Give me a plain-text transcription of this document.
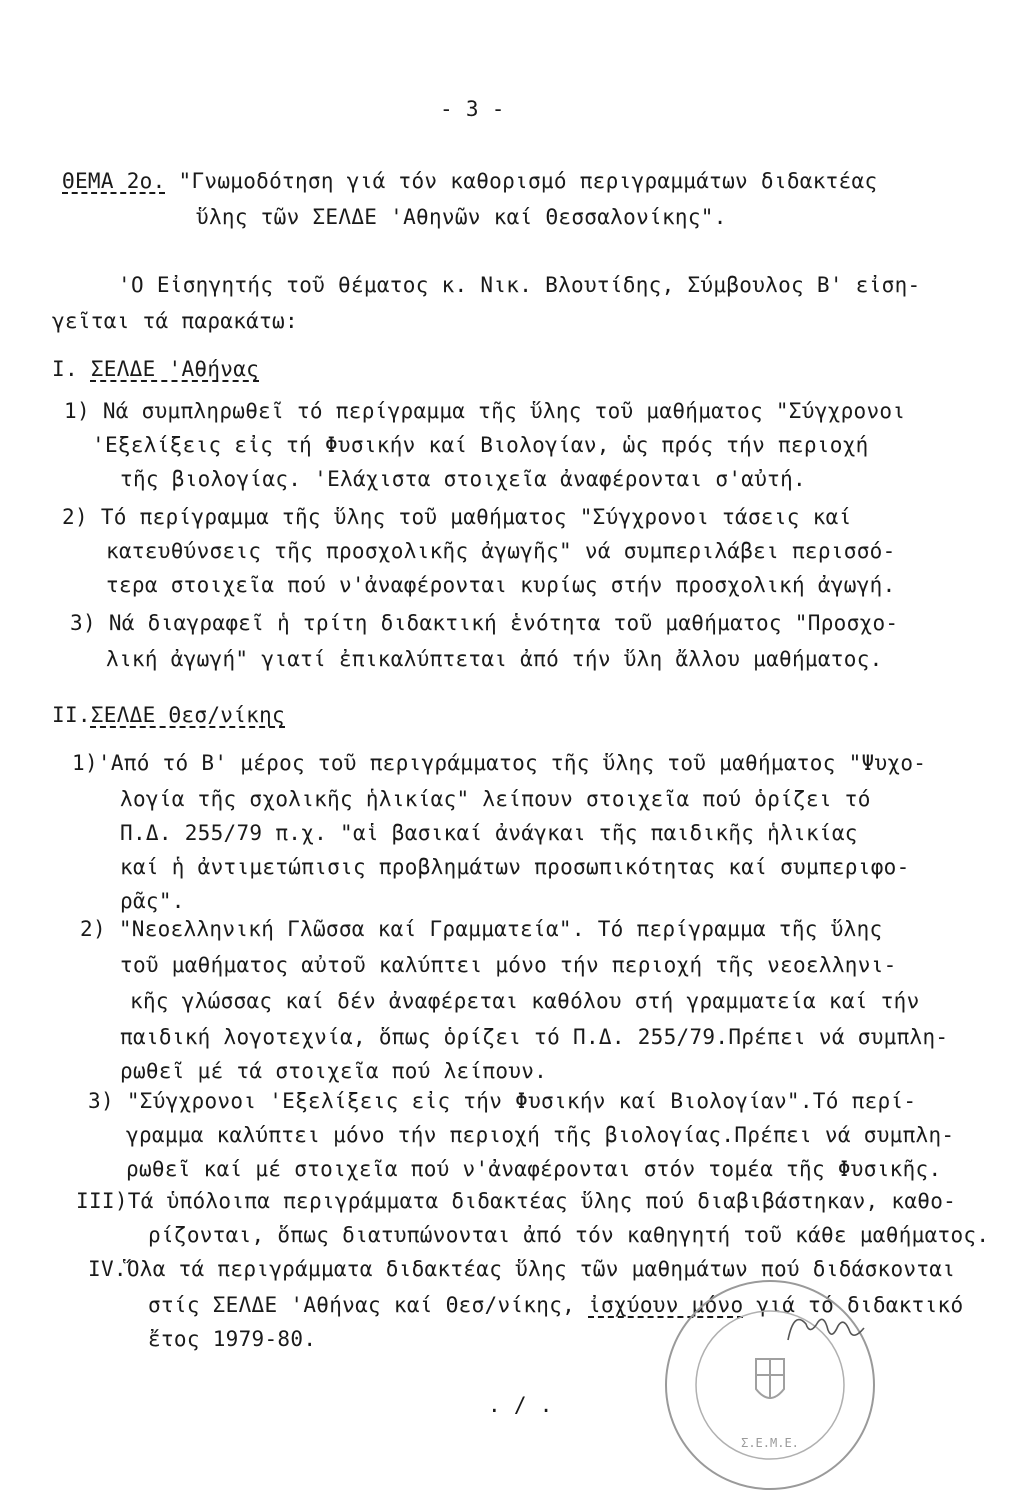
- 3 -
ΘΕΜΑ 2ο. "Γνωμοδότηση γιά τόν καθορισμό περιγραμμάτων διδακτέας
ὕλης τῶν ΣΕΛΔΕ 'Αθηνῶν καί Θεσσαλονίκης".
'Ο Εἰσηγητής τοῦ θέματος κ. Νικ. Βλουτίδης, Σύμβουλος Β' εἰση-
γεῖται τά παρακάτω:
Ι. ΣΕΛΔΕ 'Αθήνας
1) Νά συμπληρωθεῖ τό περίγραμμα τῆς ὕλης τοῦ μαθήματος "Σύγχρονοι
'Εξελίξεις εἰς τή Φυσικήν καί Βιολογίαν, ὡς πρός τήν περιοχή
τῆς βιολογίας. 'Ελάχιστα στοιχεῖα ἀναφέρονται σ'αὐτή.
2) Τό περίγραμμα τῆς ὕλης τοῦ μαθήματος "Σύγχρονοι τάσεις καί
κατευθύνσεις τῆς προσχολικῆς ἀγωγῆς" νά συμπεριλάβει περισσό-
τερα στοιχεῖα πού ν'ἀναφέρονται κυρίως στήν προσχολική ἀγωγή.
3) Νά διαγραφεῖ ἡ τρίτη διδακτική ἑνότητα τοῦ μαθήματος "Προσχο-
λική ἀγωγή" γιατί ἐπικαλύπτεται ἀπό τήν ὕλη ἄλλου μαθήματος.
ΙΙ.ΣΕΛΔΕ Θεσ/νίκης
1)'Από τό Β' μέρος τοῦ περιγράμματος τῆς ὕλης τοῦ μαθήματος "Ψυχο-
λογία τῆς σχολικῆς ἡλικίας" λείπουν στοιχεῖα πού ὁρίζει τό
Π.Δ. 255/79 π.χ. "αἱ βασικαί ἀνάγκαι τῆς παιδικῆς ἡλικίας
καί ἡ ἀντιμετώπισις προβλημάτων προσωπικότητας καί συμπεριφο-
ρᾶς".
2) "Νεοελληνική Γλῶσσα καί Γραμματεία". Τό περίγραμμα τῆς ὕλης
τοῦ μαθήματος αὐτοῦ καλύπτει μόνο τήν περιοχή τῆς νεοελληνι-
κῆς γλώσσας καί δέν ἀναφέρεται καθόλου στή γραμματεία καί τήν
παιδική λογοτεχνία, ὅπως ὁρίζει τό Π.Δ. 255/79.Πρέπει νά συμπλη-
ρωθεῖ μέ τά στοιχεῖα πού λείπουν.
3) "Σύγχρονοι 'Εξελίξεις εἰς τήν Φυσικήν καί Βιολογίαν".Τό περί-
γραμμα καλύπτει μόνο τήν περιοχή τῆς βιολογίας.Πρέπει νά συμπλη-
ρωθεῖ καί μέ στοιχεῖα πού ν'ἀναφέρονται στόν τομέα τῆς Φυσικῆς.
ΙΙΙ)Τά ὑπόλοιπα περιγράμματα διδακτέας ὕλης πού διαβιβάστηκαν, καθο-
ρίζονται, ὅπως διατυπώνονται ἀπό τόν καθηγητή τοῦ κάθε μαθήματος.
ΙV.Ὅλα τά περιγράμματα διδακτέας ὕλης τῶν μαθημάτων πού διδάσκονται
στίς ΣΕΛΔΕ 'Αθήνας καί Θεσ/νίκης, ἰσχύουν μόνο γιά τό διδακτικό
ἔτος 1979-80.
. / .
Σ.Ε.Μ.Ε.
